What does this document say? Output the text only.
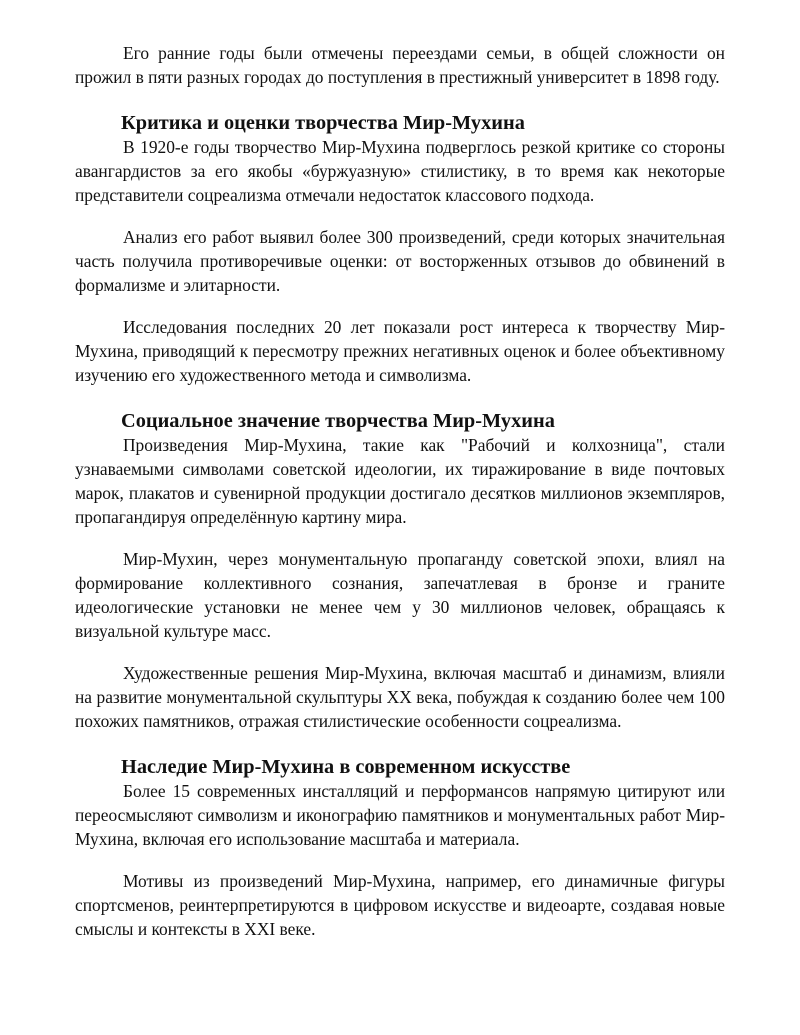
Его ранние годы были отмечены переездами семьи, в общей сложности он прожил в пяти разных городах до поступления в престижный университет в 1898 году.

Критика и оценки творчества Мир-Мухина

В 1920-е годы творчество Мир-Мухина подверглось резкой критике со стороны авангардистов за его якобы «буржуазную» стилистику, в то время как некоторые представители соцреализма отмечали недостаток классового подхода.

Анализ его работ выявил более 300 произведений, среди которых значительная часть получила противоречивые оценки: от восторженных отзывов до обвинений в формализме и элитарности.

Исследования последних 20 лет показали рост интереса к творчеству Мир-Мухина, приводящий к пересмотру прежних негативных оценок и более объективному изучению его художественного метода и символизма.

Социальное значение творчества Мир-Мухина

Произведения Мир-Мухина, такие как "Рабочий и колхозница", стали узнаваемыми символами советской идеологии, их тиражирование в виде почтовых марок, плакатов и сувенирной продукции достигало десятков миллионов экземпляров, пропагандируя определённую картину мира.

Мир-Мухин, через монументальную пропаганду советской эпохи, влиял на формирование коллективного сознания, запечатлевая в бронзе и граните идеологические установки не менее чем у 30 миллионов человек, обращаясь к визуальной культуре масс.

Художественные решения Мир-Мухина, включая масштаб и динамизм, влияли на развитие монументальной скульптуры XX века, побуждая к созданию более чем 100 похожих памятников, отражая стилистические особенности соцреализма.

Наследие Мир-Мухина в современном искусстве

Более 15 современных инсталляций и перформансов напрямую цитируют или переосмысляют символизм и иконографию памятников и монументальных работ Мир-Мухина, включая его использование масштаба и материала.

Мотивы из произведений Мир-Мухина, например, его динамичные фигуры спортсменов, реинтерпретируются в цифровом искусстве и видеоарте, создавая новые смыслы и контексты в XXI веке.
